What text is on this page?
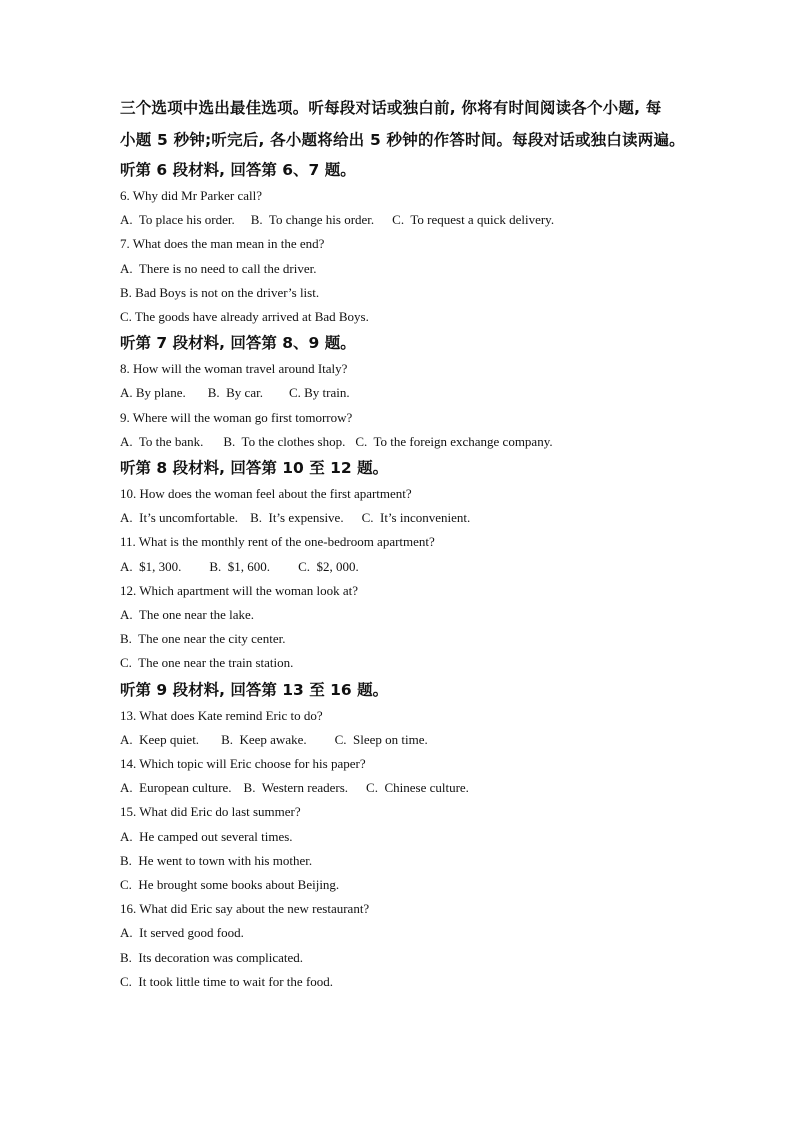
三个选项中选出最佳选项。听每段对话或独白前, 你将有时间阅读各个小题, 每

小题 5 秒钟;听完后, 各小题将给出 5 秒钟的作答时间。每段对话或独白读两遍。

听第 6 段材料, 回答第 6、7 题。

6. Why did Mr Parker call?

A.  To place his order. B.  To change his order. C.  To request a quick delivery.

7. What does the man mean in the end?

A.  There is no need to call the driver.

B. Bad Boys is not on the driver’s list.

C. The goods have already arrived at Bad Boys.

听第 7 段材料, 回答第 8、9 题。

8. How will the woman travel around Italy?

A. By plane. B.  By car. C. By train.

9. Where will the woman go first tomorrow?

A.  To the bank. B.  To the clothes shop. C.  To the foreign exchange company.

听第 8 段材料, 回答第 10 至 12 题。

10. How does the woman feel about the first apartment?

A.  It’s uncomfortable. B.  It’s expensive. C.  It’s inconvenient.

11. What is the monthly rent of the one-bedroom apartment?

A.  $1, 300. B.  $1, 600. C.  $2, 000.

12. Which apartment will the woman look at?

A.  The one near the lake.

B.  The one near the city center.

C.  The one near the train station.

听第 9 段材料, 回答第 13 至 16 题。

13. What does Kate remind Eric to do?

A.  Keep quiet. B.  Keep awake. C.  Sleep on time.

14. Which topic will Eric choose for his paper?

A.  European culture. B.  Western readers. C.  Chinese culture.

15. What did Eric do last summer?

A.  He camped out several times.

B.  He went to town with his mother.

C.  He brought some books about Beijing.

16. What did Eric say about the new restaurant?

A.  It served good food.

B.  Its decoration was complicated.

C.  It took little time to wait for the food.
